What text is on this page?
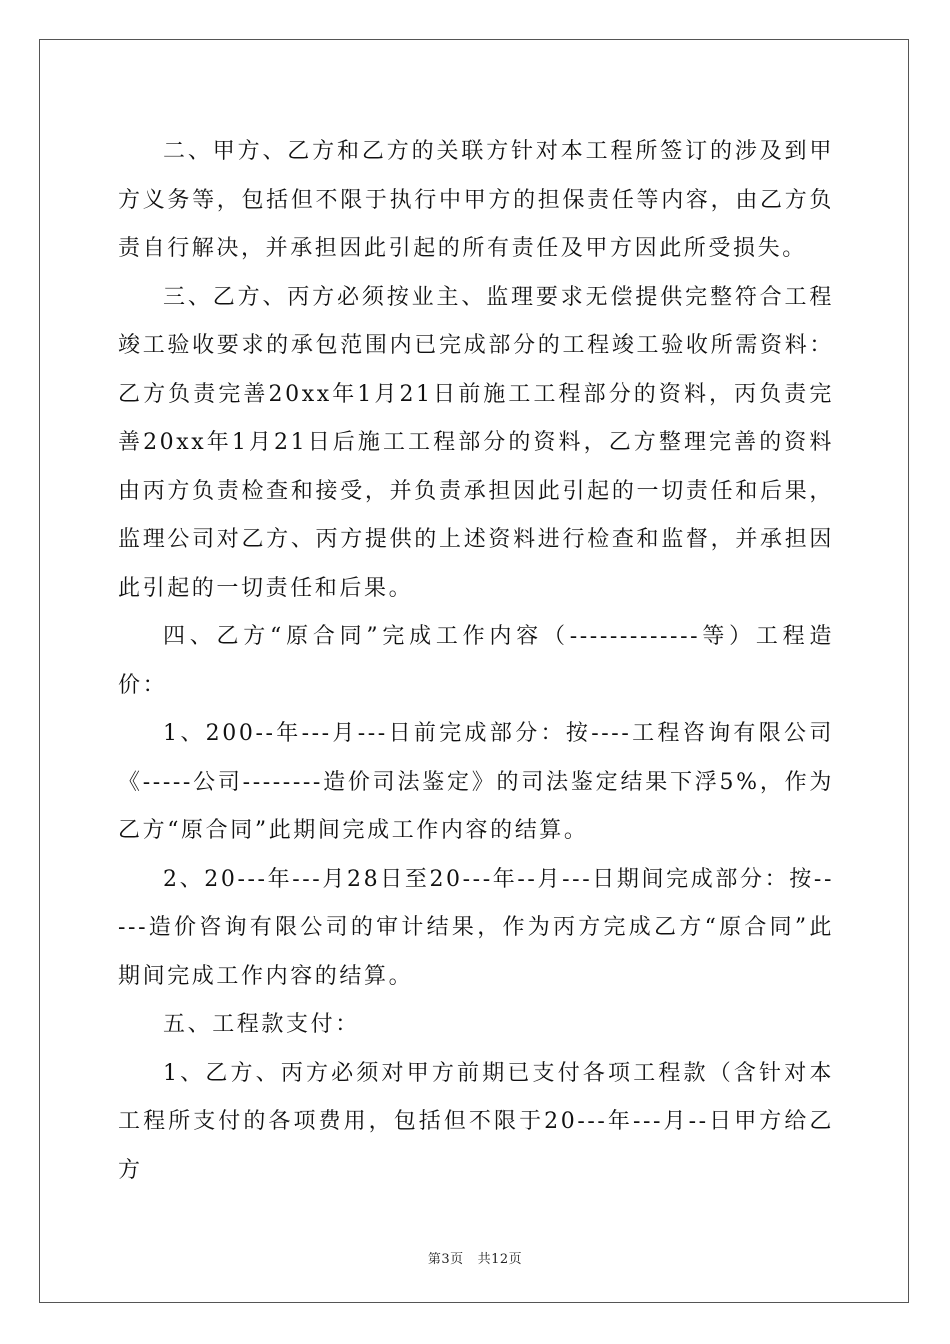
二、甲方、乙方和乙方的关联方针对本工程所签订的涉及到甲方义务等，包括但不限于执行中甲方的担保责任等内容，由乙方负责自行解决，并承担因此引起的所有责任及甲方因此所受损失。

三、乙方、丙方必须按业主、监理要求无偿提供完整符合工程竣工验收要求的承包范围内已完成部分的工程竣工验收所需资料：乙方负责完善20xx年1月21日前施工工程部分的资料，丙负责完善20xx年1月21日后施工工程部分的资料，乙方整理完善的资料由丙方负责检查和接受，并负责承担因此引起的一切责任和后果，监理公司对乙方、丙方提供的上述资料进行检查和监督，并承担因此引起的一切责任和后果。

四、乙方“原合同”完成工作内容（-------------等）工程造价：

1、200--年---月---日前完成部分：按----工程咨询有限公司《-----公司--------造价司法鉴定》的司法鉴定结果下浮5%，作为乙方“原合同”此期间完成工作内容的结算。

2、20---年---月28日至20---年--月---日期间完成部分：按-----造价咨询有限公司的审计结果，作为丙方完成乙方“原合同”此期间完成工作内容的结算。

五、工程款支付：

1、乙方、丙方必须对甲方前期已支付各项工程款（含针对本工程所支付的各项费用，包括但不限于20---年---月--日甲方给乙方

第3页 共12页
